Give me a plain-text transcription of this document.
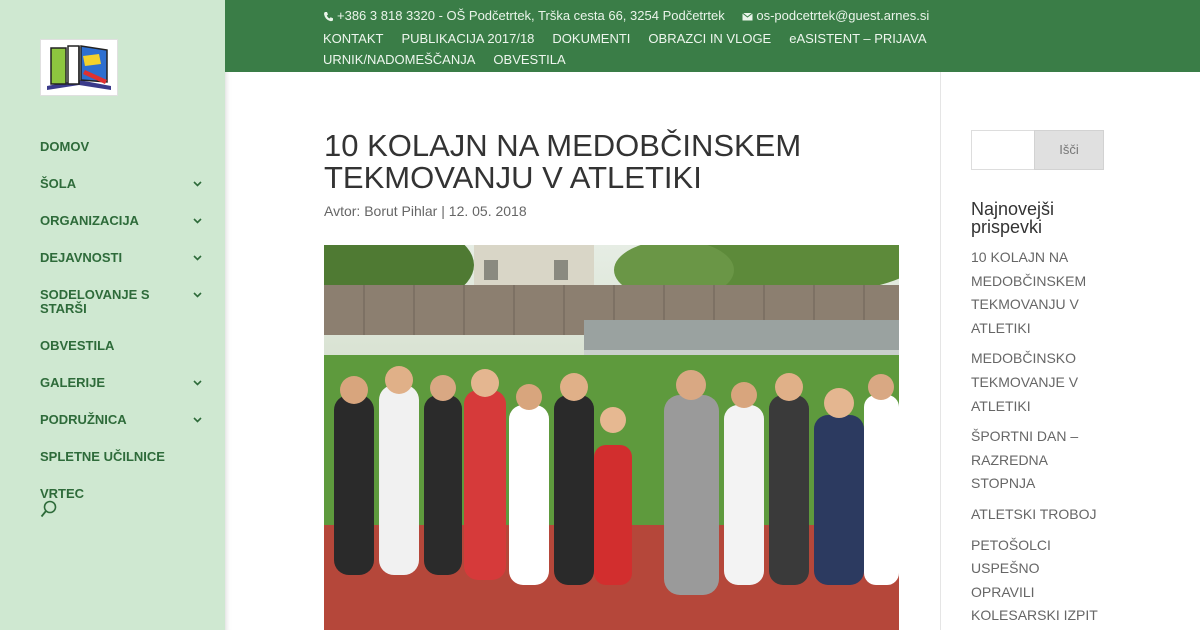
DOMOV
ŠOLA
ORGANIZACIJA
DEJAVNOSTI
SODELOVANJE S STARŠI
OBVESTILA
GALERIJE
PODRUŽNICA
SPLETNE UČILNICE
VRTEC
+386 3 818 3320 - OŠ Podčetrtek, Trška cesta 66, 3254 Podčetrtek os-podcetrtek@guest.arnes.si
KONTAKT PUBLIKACIJA 2017/18 DOKUMENTI OBRAZCI IN VLOGE eASISTENT – PRIJAVAURNIK/NADOMEŠČANJA OBVESTILA
10 KOLAJN NA MEDOBČINSKEM TEKMOVANJU V ATLETIKI
Avtor: Borut Pihlar | 12. 05. 2018
Išči
Najnovejši prispevki
10 KOLAJN NA MEDOBČINSKEM TEKMOVANJU V ATLETIKI
MEDOBČINSKO TEKMOVANJE V ATLETIKI
ŠPORTNI DAN – RAZREDNA STOPNJA
ATLETSKI TROBOJ
PETOŠOLCI USPEŠNO OPRAVILI KOLESARSKI IZPIT
